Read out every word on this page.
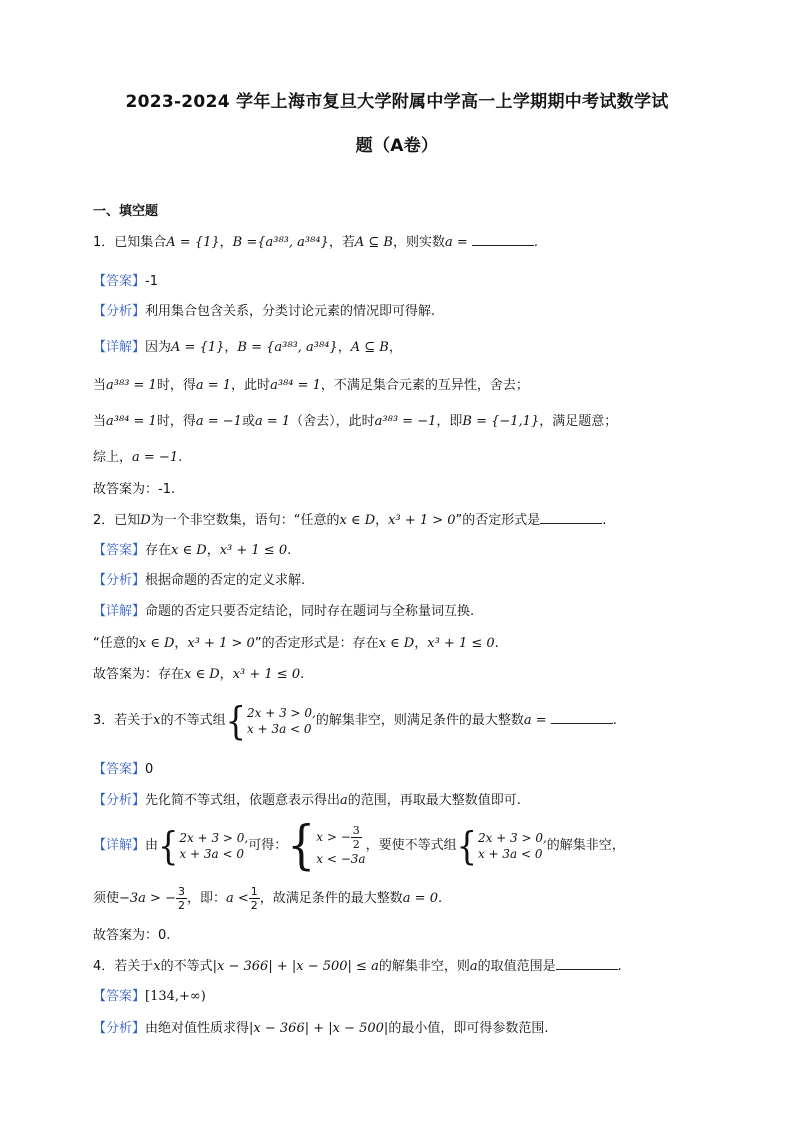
2023-2024 学年上海市复旦大学附属中学高一上学期期中考试数学试
题（A卷）
一、填空题
1．已知集合A = {1}，B ={a³⁸³, a³⁸⁴}，若A ⊆ B，则实数a =	.
【答案】-1
【分析】利用集合包含关系，分类讨论元素的情况即可得解.
【详解】因为A = {1}，B = {a³⁸³, a³⁸⁴}，A ⊆ B，
当a³⁸³ = 1时，得a = 1，此时a³⁸⁴ = 1，不满足集合元素的互异性，舍去；
当a³⁸⁴ = 1时，得a = −1或a = 1（舍去），此时a³⁸³ = −1，即B = {−1,1}，满足题意；
综上，a = −1.
故答案为：-1.
2．已知D为一个非空数集，语句：“任意的x ∈ D，x³ + 1 > 0”的否定形式是	.
【答案】存在x ∈ D，x³ + 1 ≤ 0.
【分析】根据命题的否定的定义求解.
【详解】命题的否定只要否定结论，同时存在题词与全称量词互换.
“任意的x ∈ D，x³ + 1 > 0”的否定形式是：存在x ∈ D，x³ + 1 ≤ 0.
故答案为：存在x ∈ D，x³ + 1 ≤ 0.
3．若关于x的不等式组 { 2x + 3 > 0,
x + 3a < 0
的解集非空，则满足条件的最大整数a =	.
【答案】0
【分析】先化简不等式组，依题意表示得出a的范围，再取最大整数值即可.
【详解】由 { 2x + 3 > 0,
x + 3a < 0
可得： { x > − $\frac{3}{2}$
x < −3a
，要使不等式组 { 2x + 3 > 0,
x + 3a < 0
的解集非空，
须使−3a > − $\frac{3}{2}$ ，即：$a < \frac{1}{2}$ ，故满足条件的最大整数a = 0.
故答案为：0.
4．若关于x的不等式|x − 366| + |x − 500| ≤ a的解集非空，则a的取值范围是	.
【答案】[134,+∞)
【分析】由绝对值性质求得|x − 366| + |x − 500|的最小值，即可得参数范围.
